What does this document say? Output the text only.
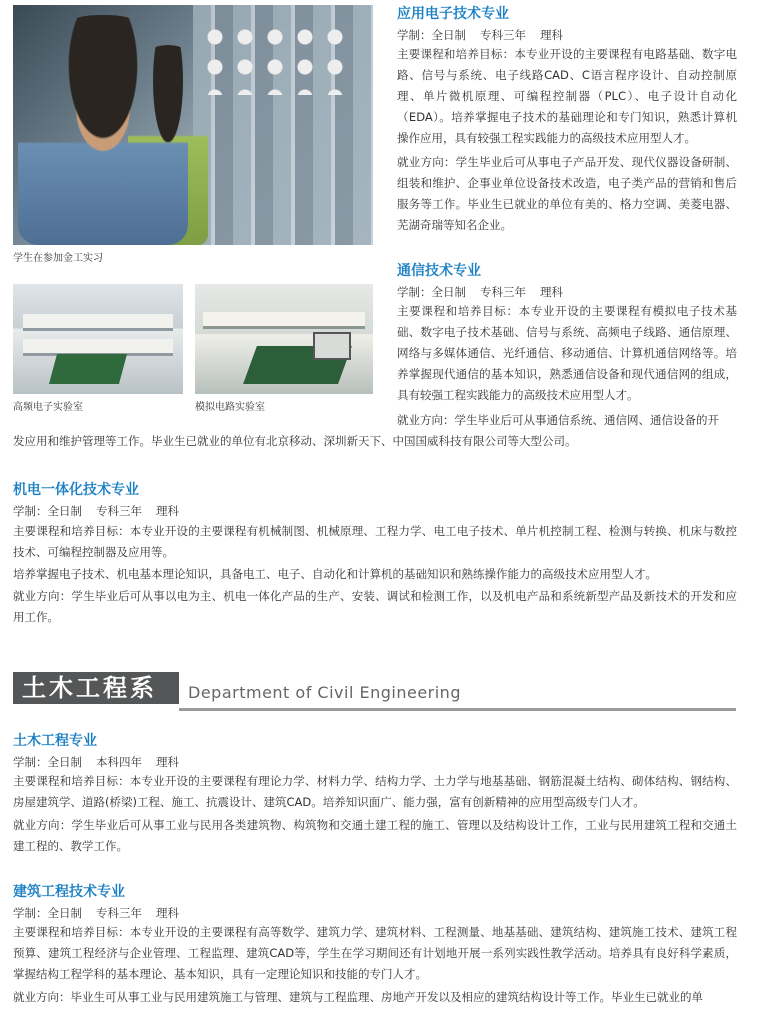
学生在参加金工实习
高频电子实验室	模拟电路实验室
应用电子技术专业
学制：全日制 专科三年 理科

主要课程和培养目标：本专业开设的主要课程有电路基础、数字电路、信号与系统、电子线路CAD、C语言程序设计、自动控制原理、单片微机原理、可编程控制器（PLC）、电子设计自动化（EDA）。培养掌握电子技术的基础理论和专门知识，熟悉计算机操作应用，具有较强工程实践能力的高级技术应用型人才。

就业方向：学生毕业后可从事电子产品开发、现代仪器设备研制、组装和维护、企事业单位设备技术改造，电子类产品的营销和售后服务等工作。毕业生已就业的单位有美的、格力空调、美菱电器、芜湖奇瑞等知名企业。

通信技术专业
学制：全日制 专科三年 理科

主要课程和培养目标：本专业开设的主要课程有模拟电子技术基础、数字电子技术基础、信号与系统、高频电子线路、通信原理、网络与多媒体通信、光纤通信、移动通信、计算机通信网络等。培养掌握现代通信的基本知识，熟悉通信设备和现代通信网的组成，具有较强工程实践能力的高级技术应用型人才。

就业方向：学生毕业后可从事通信系统、通信网、通信设备的开

发应用和维护管理等工作。毕业生已就业的单位有北京移动、深圳新天下、中国国威科技有限公司等大型公司。

机电一体化技术专业
学制：全日制 专科三年 理科

主要课程和培养目标：本专业开设的主要课程有机械制图、机械原理、工程力学、电工电子技术、单片机控制工程、检测与转换、机床与数控技术、可编程控制器及应用等。

培养掌握电子技术、机电基本理论知识，具备电工、电子、自动化和计算机的基础知识和熟练操作能力的高级技术应用型人才。

就业方向：学生毕业后可从事以电为主、机电一体化产品的生产、安装、调试和检测工作，以及机电产品和系统新型产品及新技术的开发和应用工作。

土木工程系 Department of Civil Engineering
土木工程专业
学制：全日制 本科四年 理科

主要课程和培养目标：本专业开设的主要课程有理论力学、材料力学、结构力学、土力学与地基基础、钢筋混凝土结构、砌体结构、钢结构、房屋建筑学、道路(桥梁)工程、施工、抗震设计、建筑CAD。培养知识面广、能力强，富有创新精神的应用型高级专门人才。

就业方向：学生毕业后可从事工业与民用各类建筑物、构筑物和交通土建工程的施工、管理以及结构设计工作，工业与民用建筑工程和交通土建工程的、教学工作。

建筑工程技术专业
学制：全日制 专科三年 理科

主要课程和培养目标：本专业开设的主要课程有高等数学、建筑力学、建筑材料、工程测量、地基基础、建筑结构、建筑施工技术、建筑工程预算、建筑工程经济与企业管理、工程监理、建筑CAD等，学生在学习期间还有计划地开展一系列实践性教学活动。培养具有良好科学素质，掌握结构工程学科的基本理论、基本知识，具有一定理论知识和技能的专门人才。

就业方向：毕业生可从事工业与民用建筑施工与管理、建筑与工程监理、房地产开发以及相应的建筑结构设计等工作。毕业生已就业的单
